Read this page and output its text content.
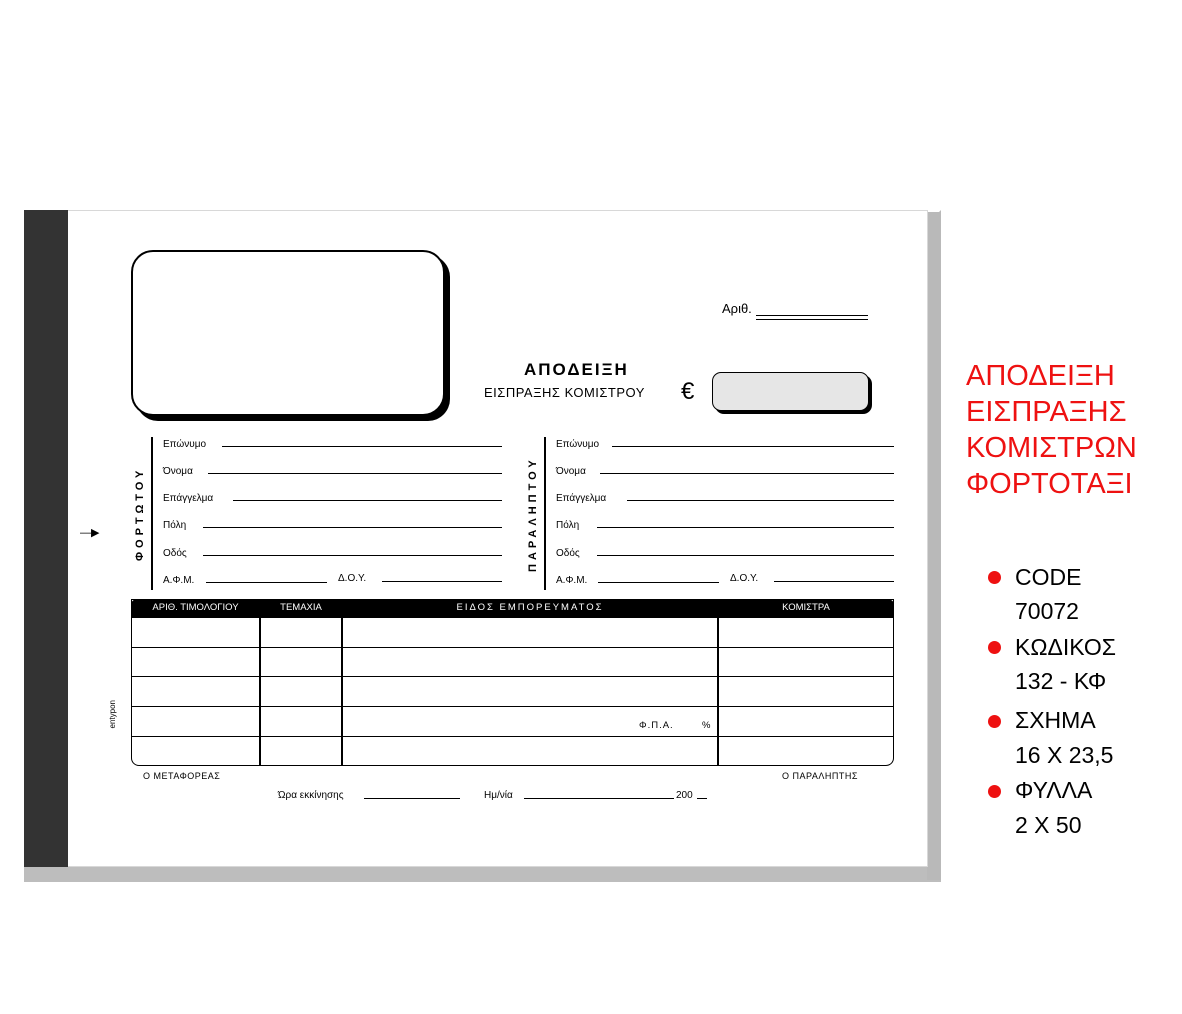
Αριθ.
ΑΠΟΔΕΙΞΗ
ΕΙΣΠΡΑΞΗΣ ΚΟΜΙΣΤΡΟΥ €
ΦΟΡΤΩΤΟΥ
—▶
Επώνυμο
Όνομα
Επάγγελμα
Πόλη
Οδός
Α.Φ.Μ.	Δ.Ο.Υ.
ΠΑΡΑΛΗΠΤΟΥ
Επώνυμο
Όνομα
Επάγγελμα
Πόλη
Οδός
Α.Φ.Μ.	Δ.Ο.Υ.
ΑΡΙΘ. ΤΙΜΟΛΟΓΙΟΥ	ΤΕΜΑΧΙΑ	ΕΙΔΟΣ ΕΜΠΟΡΕΥΜΑΤΟΣ	ΚΟΜΙΣΤΡΑ
Φ.Π.Α.	%
entypon
Ο ΜΕΤΑΦΟΡΕΑΣ	Ο ΠΑΡΑΛΗΠΤΗΣ
Ώρα εκκίνησης	Ημ/νία	200
ΑΠΟΔΕΙΞΗ
ΕΙΣΠΡΑΞΗΣ
ΚΟΜΙΣΤΡΩΝ
ΦΟΡΤΟΤΑΞΙ
CODE
70072
ΚΩΔΙΚΟΣ
132 - ΚΦ
ΣΧΗΜΑ
16 X 23,5
ΦΥΛΛΑ
2 X 50
